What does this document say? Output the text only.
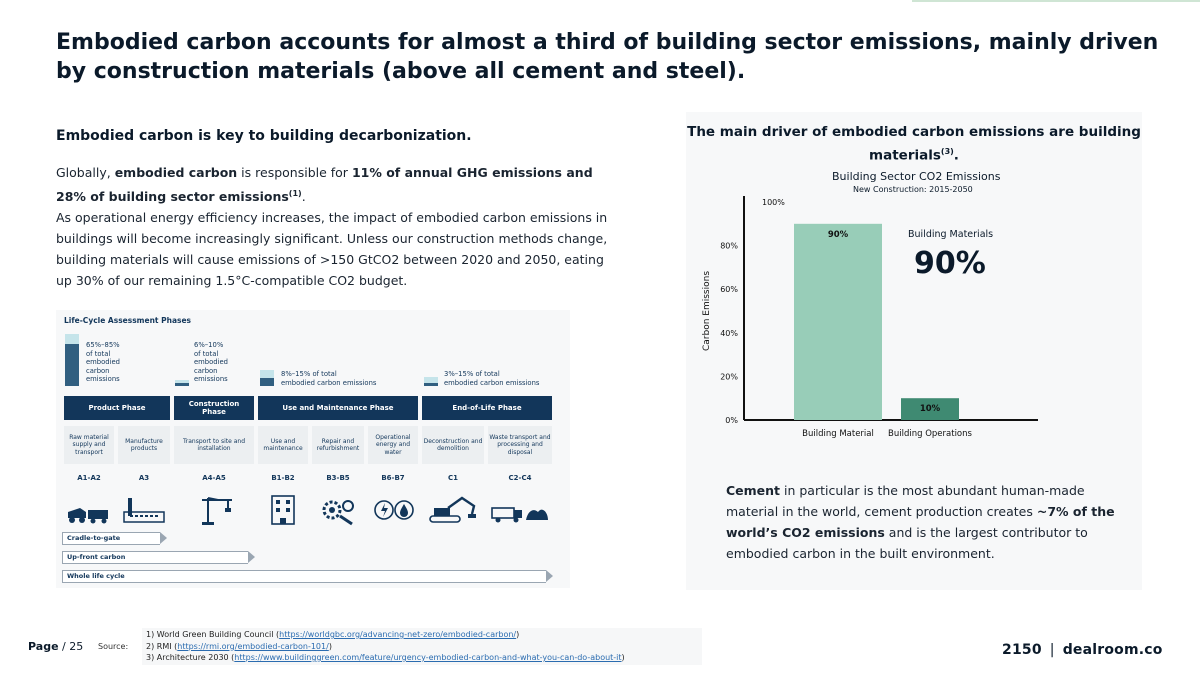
Embodied carbon accounts for almost a third of building sector emissions, mainly driven by construction materials (above all cement and steel).
Embodied carbon is key to building decarbonization.

Globally, embodied carbon is responsible for 11% of annual GHG emissions and 28% of building sector emissions$^{(1)}$.

As operational energy efficiency increases, the impact of embodied carbon emissions in buildings will become increasingly significant. Unless our construction methods change, building materials will cause emissions of >150 GtCO2 between 2020 and 2050, eating up 30% of our remaining 1.5°C-compatible CO2 budget.

Life-Cycle Assessment Phases
65%–85%
of total
embodied
carbon
emissions
6%–10%
of total
embodied
carbon
emissions
8%–15% of total
embodied carbon emissions
3%–15% of total
embodied carbon emissions
Product Phase	Construction Phase	Use and Maintenance Phase	End-of-Life Phase
Raw material supply and transport
Manufacture products
Transport to site and installation
Use and maintenance
Repair and refurbishment
Operational energy and water
Deconstruction and demolition
Waste transport and processing and disposal
A1-A2	A3	A4-A5	B1-B2	B3-B5	B6-B7	C1	C2-C4
Cradle-to-gate
Up-front carbon
Whole life cycle
The main driver of embodied carbon emissions are building materials$^{(3)}$.
Building Sector CO2 Emissions
New Construction: 2015-2050
0%
20%
40%
60%
80%
100%
Carbon Emissions
90%
Building Material
10%
Building Operations
Building Materials
90%
Cement in particular is the most abundant human-made material in the world, cement production creates ~7% of the world’s CO2 emissions and is the largest contributor to embodied carbon in the built environment.
Page / 25 Source:
1) World Green Building Council (https://worldgbc.org/advancing-net-zero/embodied-carbon/)
2) RMI (https://rmi.org/embodied-carbon-101/)
3) Architecture 2030 (https://www.buildinggreen.com/feature/urgency-embodied-carbon-and-what-you-can-do-about-it)	2150 | dealroom.co
